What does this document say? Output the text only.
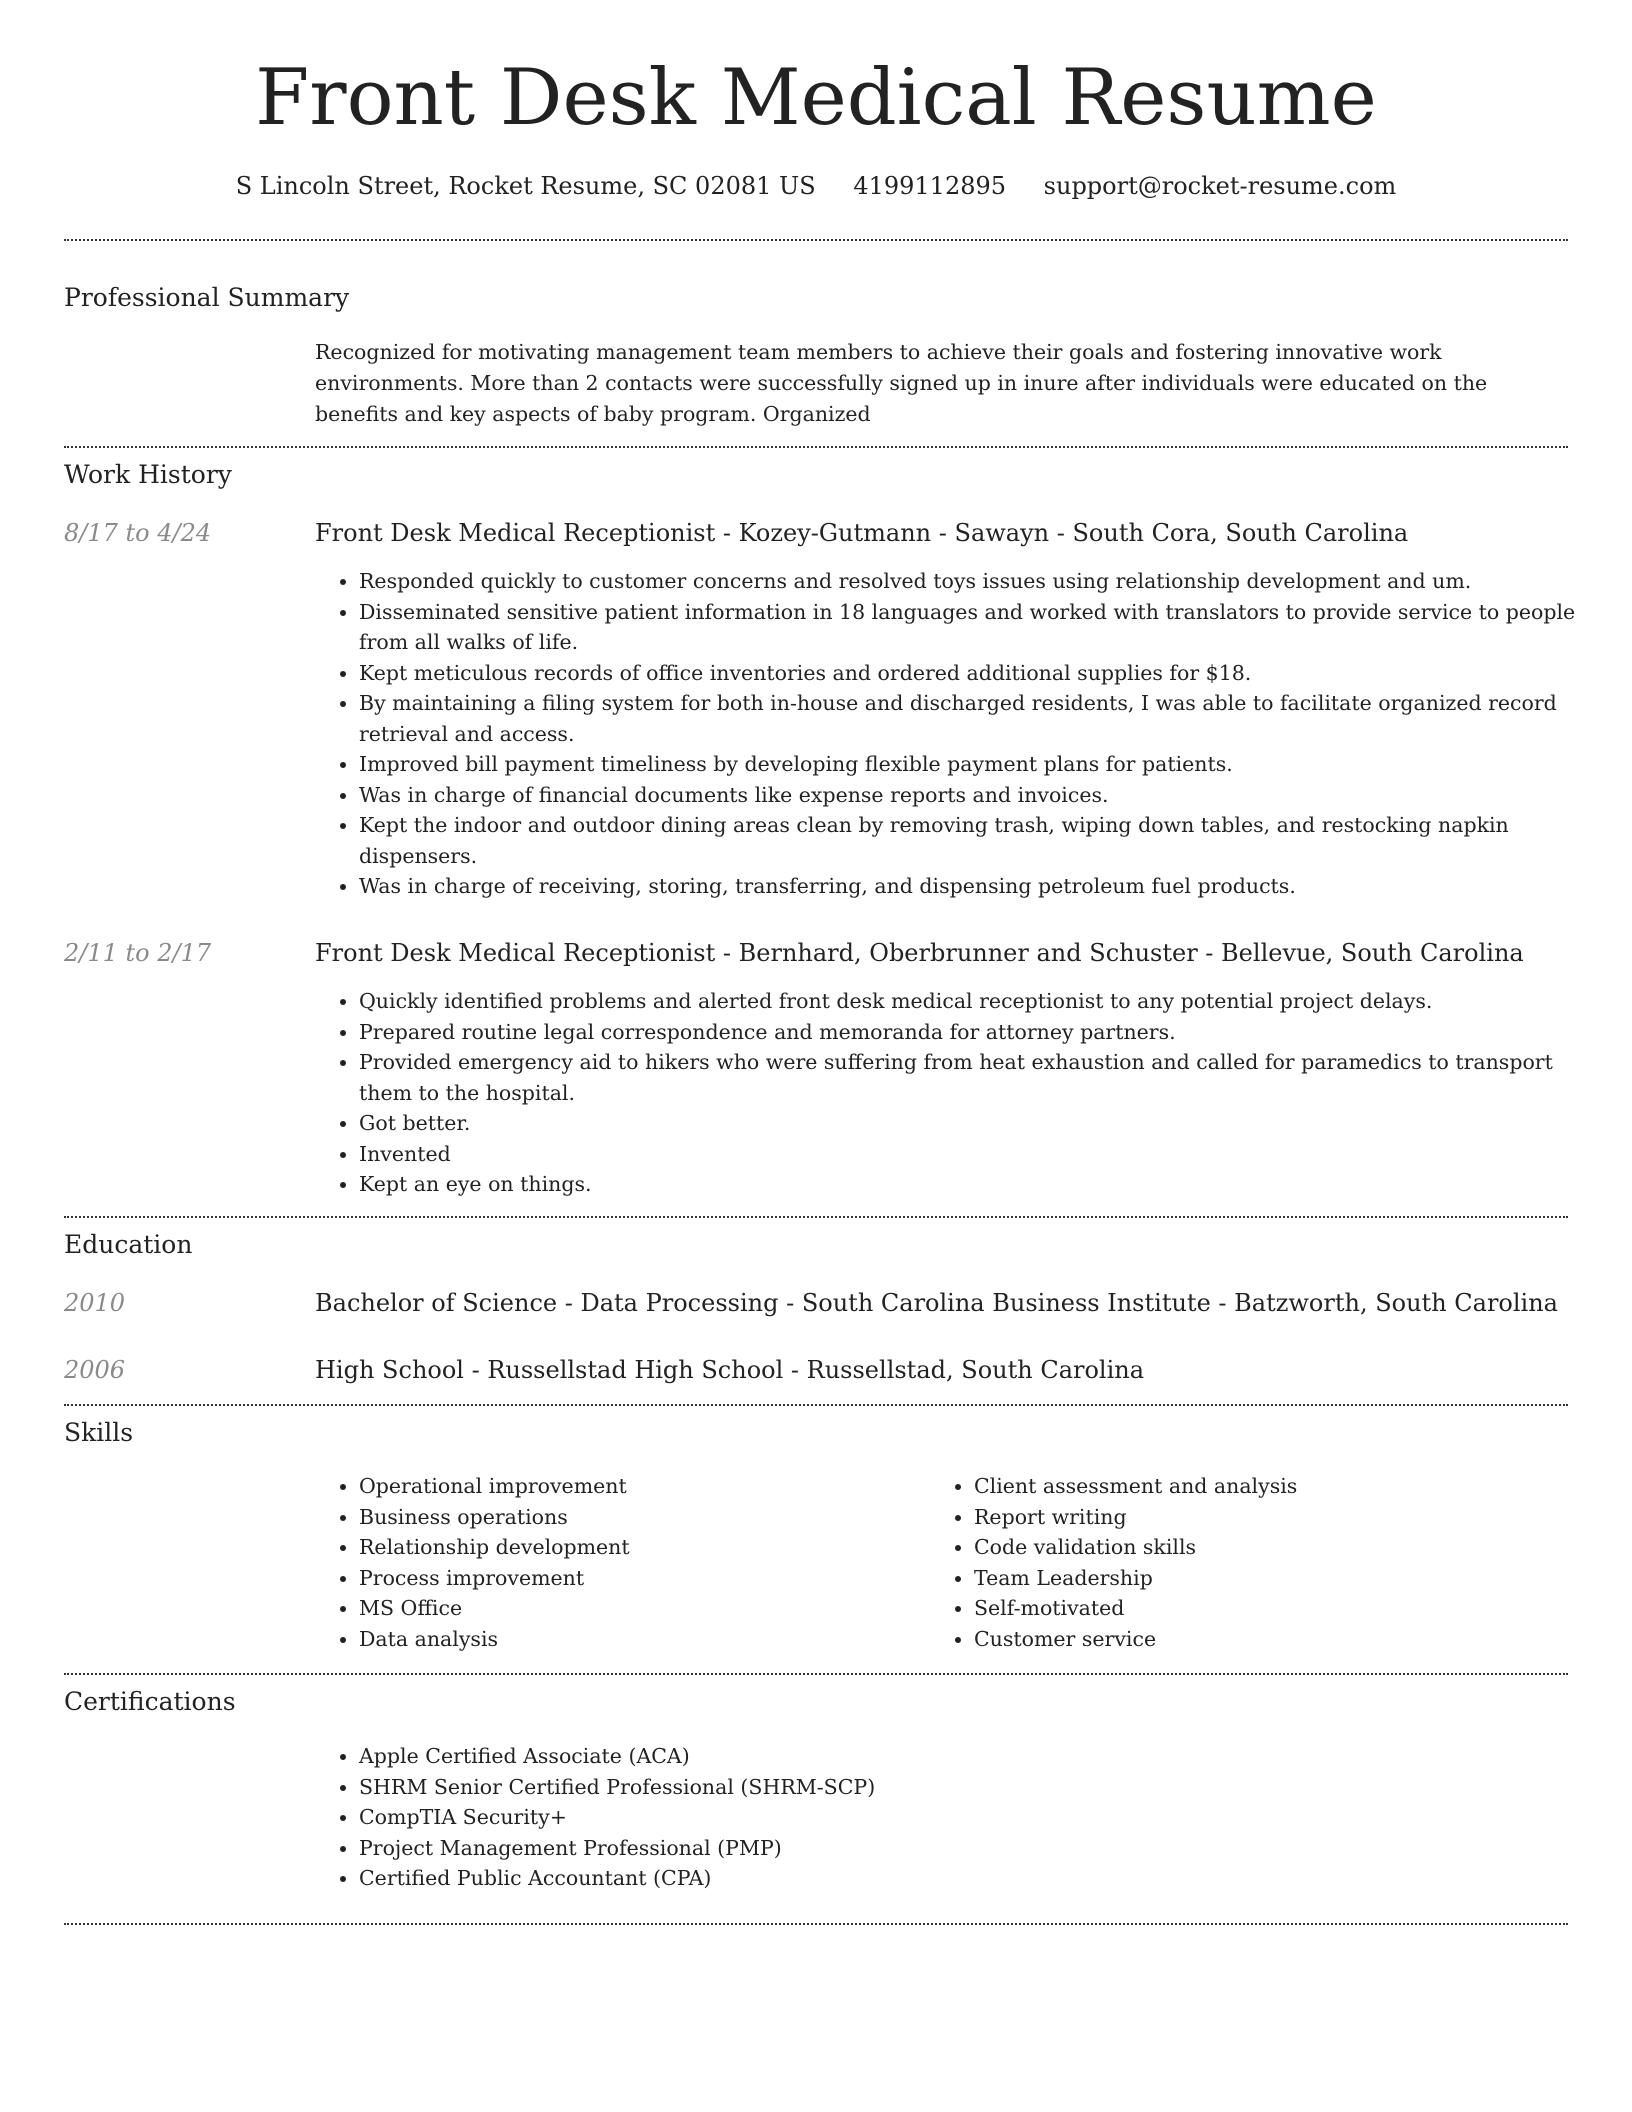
Front Desk Medical Resume
S Lincoln Street, Rocket Resume, SC 02081 US 4199112895 support@rocket-resume.com
Professional Summary

Recognized for motivating management team members to achieve their goals and fostering innovative work environments. More than 2 contacts were successfully signed up in inure after individuals were educated on the benefits and key aspects of baby program. Organized

Work History
8/17 to 4/24	Front Desk Medical Receptionist - Kozey-Gutmann - Sawayn - South Cora, South Carolina
• Responded quickly to customer concerns and resolved toys issues using relationship development and um.
• Disseminated sensitive patient information in 18 languages and worked with translators to provide service to people from all walks of life.
• Kept meticulous records of office inventories and ordered additional supplies for $18.
• By maintaining a filing system for both in-house and discharged residents, I was able to facilitate organized record retrieval and access.
• Improved bill payment timeliness by developing flexible payment plans for patients.
• Was in charge of financial documents like expense reports and invoices.
• Kept the indoor and outdoor dining areas clean by removing trash, wiping down tables, and restocking napkin dispensers.
• Was in charge of receiving, storing, transferring, and dispensing petroleum fuel products.
2/11 to 2/17	Front Desk Medical Receptionist - Bernhard, Oberbrunner and Schuster - Bellevue, South Carolina
• Quickly identified problems and alerted front desk medical receptionist to any potential project delays.
• Prepared routine legal correspondence and memoranda for attorney partners.
• Provided emergency aid to hikers who were suffering from heat exhaustion and called for paramedics to transport them to the hospital.
• Got better.
• Invented
• Kept an eye on things.
Education
2010	Bachelor of Science - Data Processing - South Carolina Business Institute - Batzworth, South Carolina
2006	High School - Russellstad High School - Russellstad, South Carolina
Skills
• Operational improvement
• Business operations
• Relationship development
• Process improvement
• MS Office
• Data analysis
• Client assessment and analysis
• Report writing
• Code validation skills
• Team Leadership
• Self-motivated
• Customer service
Certifications
• Apple Certified Associate (ACA)
• SHRM Senior Certified Professional (SHRM-SCP)
• CompTIA Security+
• Project Management Professional (PMP)
• Certified Public Accountant (CPA)
